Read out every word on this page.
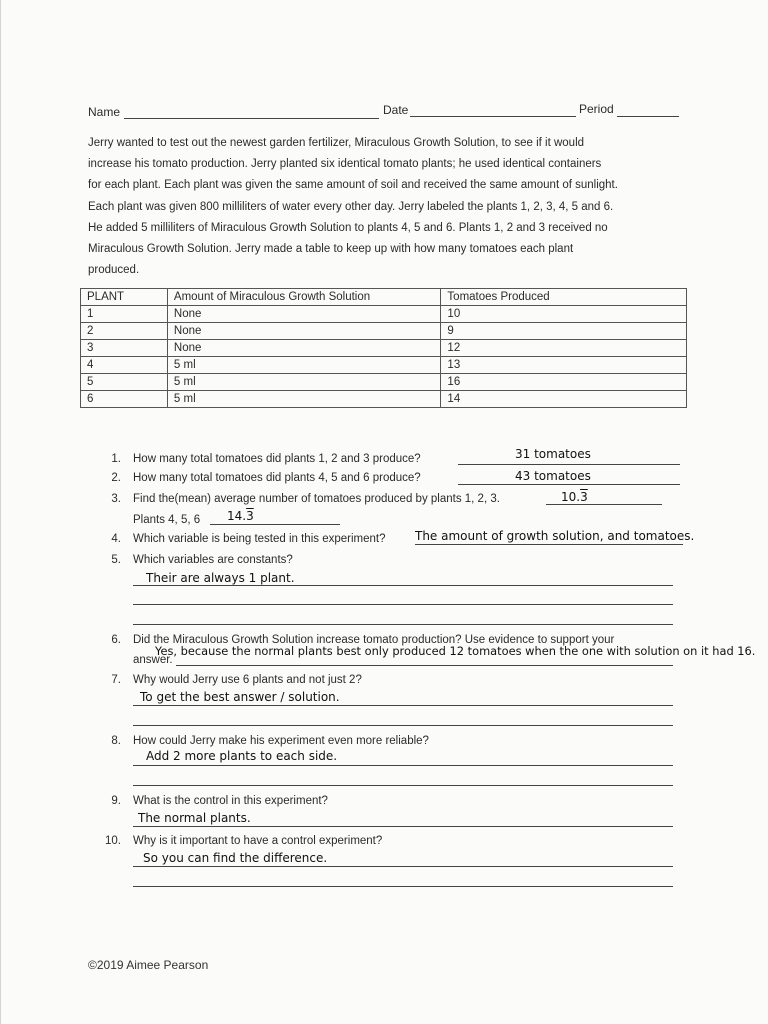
Name	Date	Period

Jerry wanted to test out the newest garden fertilizer, Miraculous Growth Solution, to see if it would

increase his tomato production. Jerry planted six identical tomato plants; he used identical containers

for each plant. Each plant was given the same amount of soil and received the same amount of sunlight.

Each plant was given 800 milliliters of water every other day. Jerry labeled the plants 1, 2, 3, 4, 5 and 6.

He added 5 milliliters of Miraculous Growth Solution to plants 4, 5 and 6. Plants 1, 2 and 3 received no

Miraculous Growth Solution. Jerry made a table to keep up with how many tomatoes each plant

produced.

PLANT	Amount of Miraculous Growth Solution	Tomatoes Produced
1	None	10
2	None	9
3	None	12
4	5 ml	13
5	5 ml	16
6	5 ml	14
1. How many total tomatoes did plants 1, 2 and 3 produce?	31 tomatoes
2. How many total tomatoes did plants 4, 5 and 6 produce?	43 tomatoes
3. Find the(mean) average number of tomatoes produced by plants 1, 2, 3.	10.3
Plants 4, 5, 6 14.3
4. Which variable is being tested in this experiment? The amount of growth solution, and tomatoes.
5. Which variables are constants?
Their are always 1 plant.
6. Did the Miraculous Growth Solution increase tomato production? Use evidence to support your
Yes, because the normal plants best only produced 12 tomatoes when the one with solution on it had 16.
answer.
7. Why would Jerry use 6 plants and not just 2?
To get the best answer / solution.
8. How could Jerry make his experiment even more reliable?
Add 2 more plants to each side.
9. What is the control in this experiment?
The normal plants.
10. Why is it important to have a control experiment?
So you can find the difference.
©2019 Aimee Pearson
